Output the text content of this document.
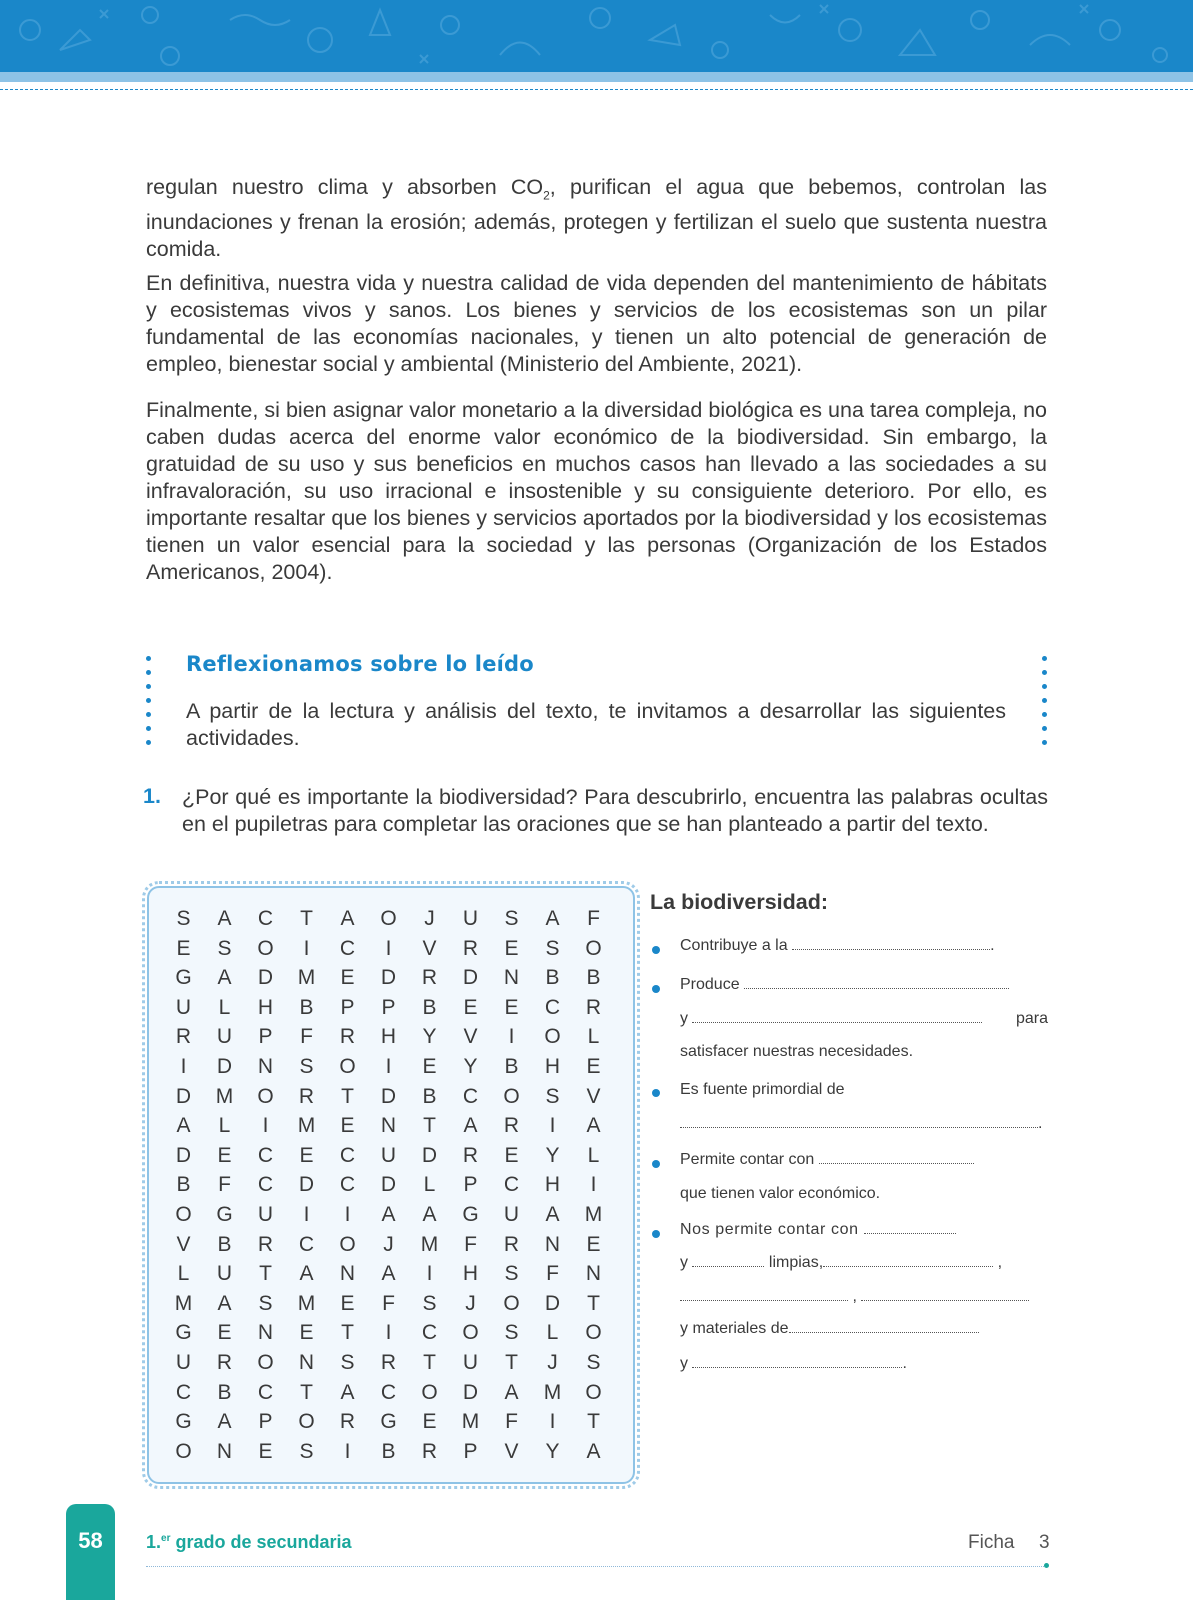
regulan nuestro clima y absorben $CO_2$, purifican el agua que bebemos, controlan las inundaciones y frenan la erosión; además, protegen y fertilizan el suelo que sustenta nuestra comida.

En definitiva, nuestra vida y nuestra calidad de vida dependen del mantenimiento de hábitats y ecosistemas vivos y sanos. Los bienes y servicios de los ecosistemas son un pilar fundamental de las economías nacionales, y tienen un alto potencial de generación de empleo, bienestar social y ambiental (Ministerio del Ambiente, 2021).

Finalmente, si bien asignar valor monetario a la diversidad biológica es una tarea compleja, no caben dudas acerca del enorme valor económico de la biodiversidad. Sin embargo, la gratuidad de su uso y sus beneficios en muchos casos han llevado a las sociedades a su infravaloración, su uso irracional e insostenible y su consiguiente deterioro. Por ello, es importante resaltar que los bienes y servicios aportados por la biodiversidad y los ecosistemas tienen un valor esencial para la sociedad y las personas (Organización de los Estados Americanos, 2004).

Reflexionamos sobre lo leído

A partir de la lectura y análisis del texto, te invitamos a desarrollar las siguientes actividades.

1. ¿Por qué es importante la biodiversidad? Para descubrirlo, encuentra las palabras ocultas en el pupiletras para completar las oraciones que se han planteado a partir del texto.

S	A	C	T	A	O	J	U	S	A	F
E	S	O	I	C	I	V	R	E	S	O
G	A	D	M	E	D	R	D	N	B	B
U	L	H	B	P	P	B	E	E	C	R
R	U	P	F	R	H	Y	V	I	O	L
I	D	N	S	O	I	E	Y	B	H	E
D	M	O	R	T	D	B	C	O	S	V
A	L	I	M	E	N	T	A	R	I	A
D	E	C	E	C	U	D	R	E	Y	L
B	F	C	D	C	D	L	P	C	H	I
O	G	U	I	I	A	A	G	U	A	M
V	B	R	C	O	J	M	F	R	N	E
L	U	T	A	N	A	I	H	S	F	N
M	A	S	M	E	F	S	J	O	D	T
G	E	N	E	T	I	C	O	S	L	O
U	R	O	N	S	R	T	U	T	J	S
C	B	C	T	A	C	O	D	A	M	O
G	A	P	O	R	G	E	M	F	I	T
O	N	E	S	I	B	R	P	V	Y	A
La biodiversidad:
Contribuye a la	.
Produce
y	para
satisfacer nuestras necesidades.
Es fuente primordial de
.
Permite contar con
que tienen valor económico.
Nos permite contar con
y	limpias,	,
,
y materiales de
y	.
58	1.$^{er}$ grado de secundaria	Ficha 3
